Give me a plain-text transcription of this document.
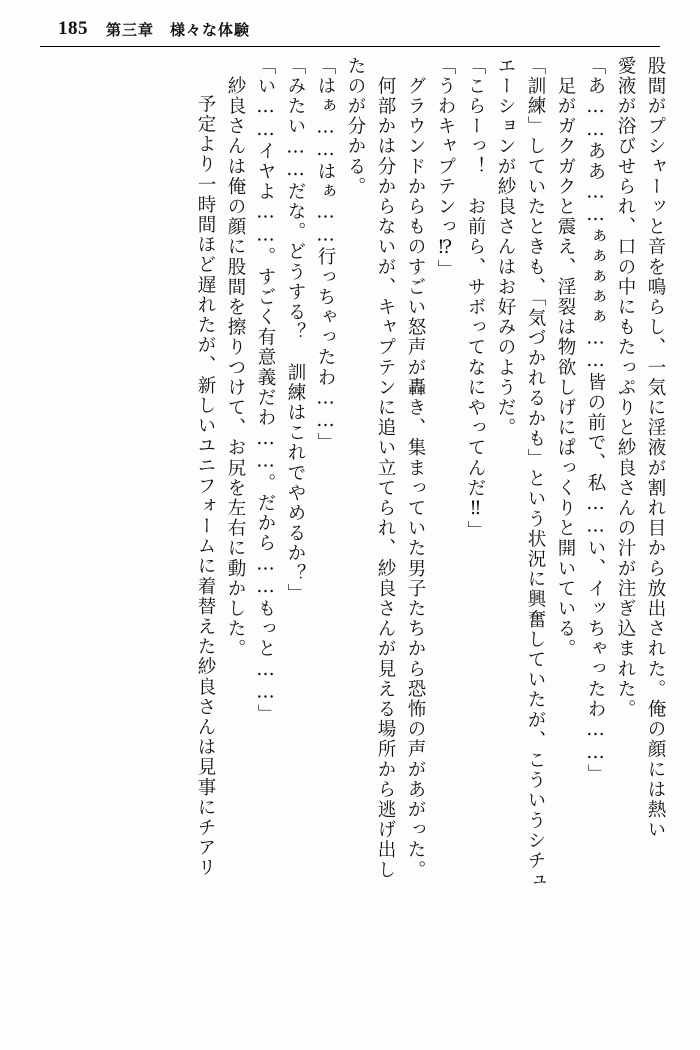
185 第三章　様々な体験
股間がプシャーッと音を鳴らし、一気に淫液が割れ目から放出された。俺の顔には熱い
愛液が浴びせられ、口の中にもたっぷりと紗良さんの汁が注ぎ込まれた。
「あ……ああ……ぁぁぁぁぁ……皆の前で、私……い、イッちゃったわ……」
　足がガクガクと震え、淫裂は物欲しげにぱっくりと開いている。
「訓練」していたときも、「気づかれるかも」という状況に興奮していたが、こういうシチュ
エーションが紗良さんはお好みのようだ。
「こらーっ！　お前ら、サボってなにやってんだ‼」
「うわキャプテンっ⁉」
　グラウンドからものすごい怒声が轟き、集まっていた男子たちから恐怖の声があがった。
　何部かは分からないが、キャプテンに追い立てられ、紗良さんが見える場所から逃げ出し
たのが分かる。
「はぁ……はぁ……行っちゃったわ……」
「みたい……だな。どうする？　訓練はこれでやめるか？」
「い……イヤよ……。すごく有意義だわ……。だから……もっと……」
　紗良さんは俺の顔に股間を擦りつけて、お尻を左右に動かした。
　予定より一時間ほど遅れたが、新しいユニフォームに着替えた紗良さんは見事にチアリ
